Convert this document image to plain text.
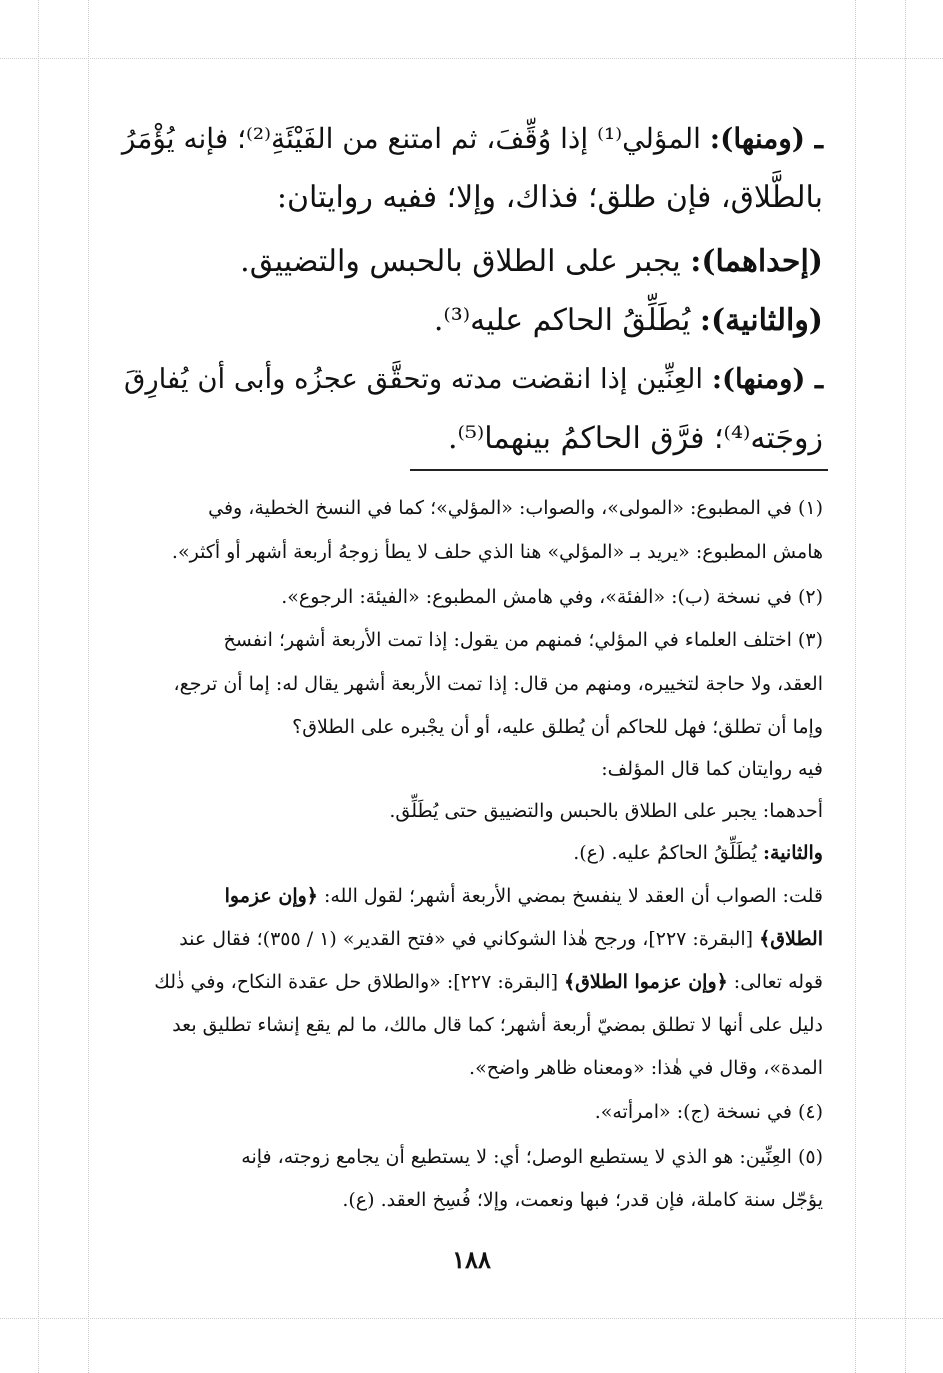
ـ (ومنها): المؤلي⁽¹⁾ إذا وُقِّفَ، ثم امتنع من الفَيْئَةِ⁽²⁾؛ فإنه يُؤْمَرُ
بالطَّلاق، فإن طلق؛ فذاك، وإلا؛ ففيه روايتان:
(إحداهما): يجبر على الطلاق بالحبس والتضييق.
(والثانية): يُطَلِّقُ الحاكم عليه⁽³⁾.
ـ (ومنها): العِنِّين إذا انقضت مدته وتحقَّق عجزُه وأبى أن يُفارِقَ
زوجَته⁽⁴⁾؛ فرَّق الحاكمُ بينهما⁽⁵⁾.
(١) في المطبوع: «المولى»، والصواب: «المؤلي»؛ كما في النسخ الخطية، وفي
هامش المطبوع: «يريد بـ «المؤلي» هنا الذي حلف لا يطأ زوجهُ أربعة أشهر أو أكثر».
(٢) في نسخة (ب): «الفئة»، وفي هامش المطبوع: «الفيئة: الرجوع».
(٣) اختلف العلماء في المؤلي؛ فمنهم من يقول: إذا تمت الأربعة أشهر؛ انفسخ
العقد، ولا حاجة لتخييره، ومنهم من قال: إذا تمت الأربعة أشهر يقال له: إما أن ترجع،
وإما أن تطلق؛ فهل للحاكم أن يُطلق عليه، أو أن يجْبره على الطلاق؟
فيه روايتان كما قال المؤلف:
أحدهما: يجبر على الطلاق بالحبس والتضييق حتى يُطَلِّق.
والثانية: يُطَلِّقُ الحاكمُ عليه. (ع).
قلت: الصواب أن العقد لا ينفسخ بمضي الأربعة أشهر؛ لقول الله: ﴿وإن عزموا
الطلاق﴾ [البقرة: ٢٢٧]، ورجح هٰذا الشوكاني في «فتح القدير» (١ / ٣٥٥)؛ فقال عند
قوله تعالى: ﴿وإن عزموا الطلاق﴾ [البقرة: ٢٢٧]: «والطلاق حل عقدة النكاح، وفي ذٰلك
دليل على أنها لا تطلق بمضيّ أربعة أشهر؛ كما قال مالك، ما لم يقع إنشاء تطليق بعد
المدة»، وقال في هٰذا: «ومعناه ظاهر واضح».
(٤) في نسخة (ج): «امرأته».
(٥) العِنِّين: هو الذي لا يستطيع الوصل؛ أي: لا يستطيع أن يجامع زوجته، فإنه
يؤجّل سنة كاملة، فإن قدر؛ فبها ونعمت، وإلا؛ فُسِخ العقد. (ع).
١٨٨
